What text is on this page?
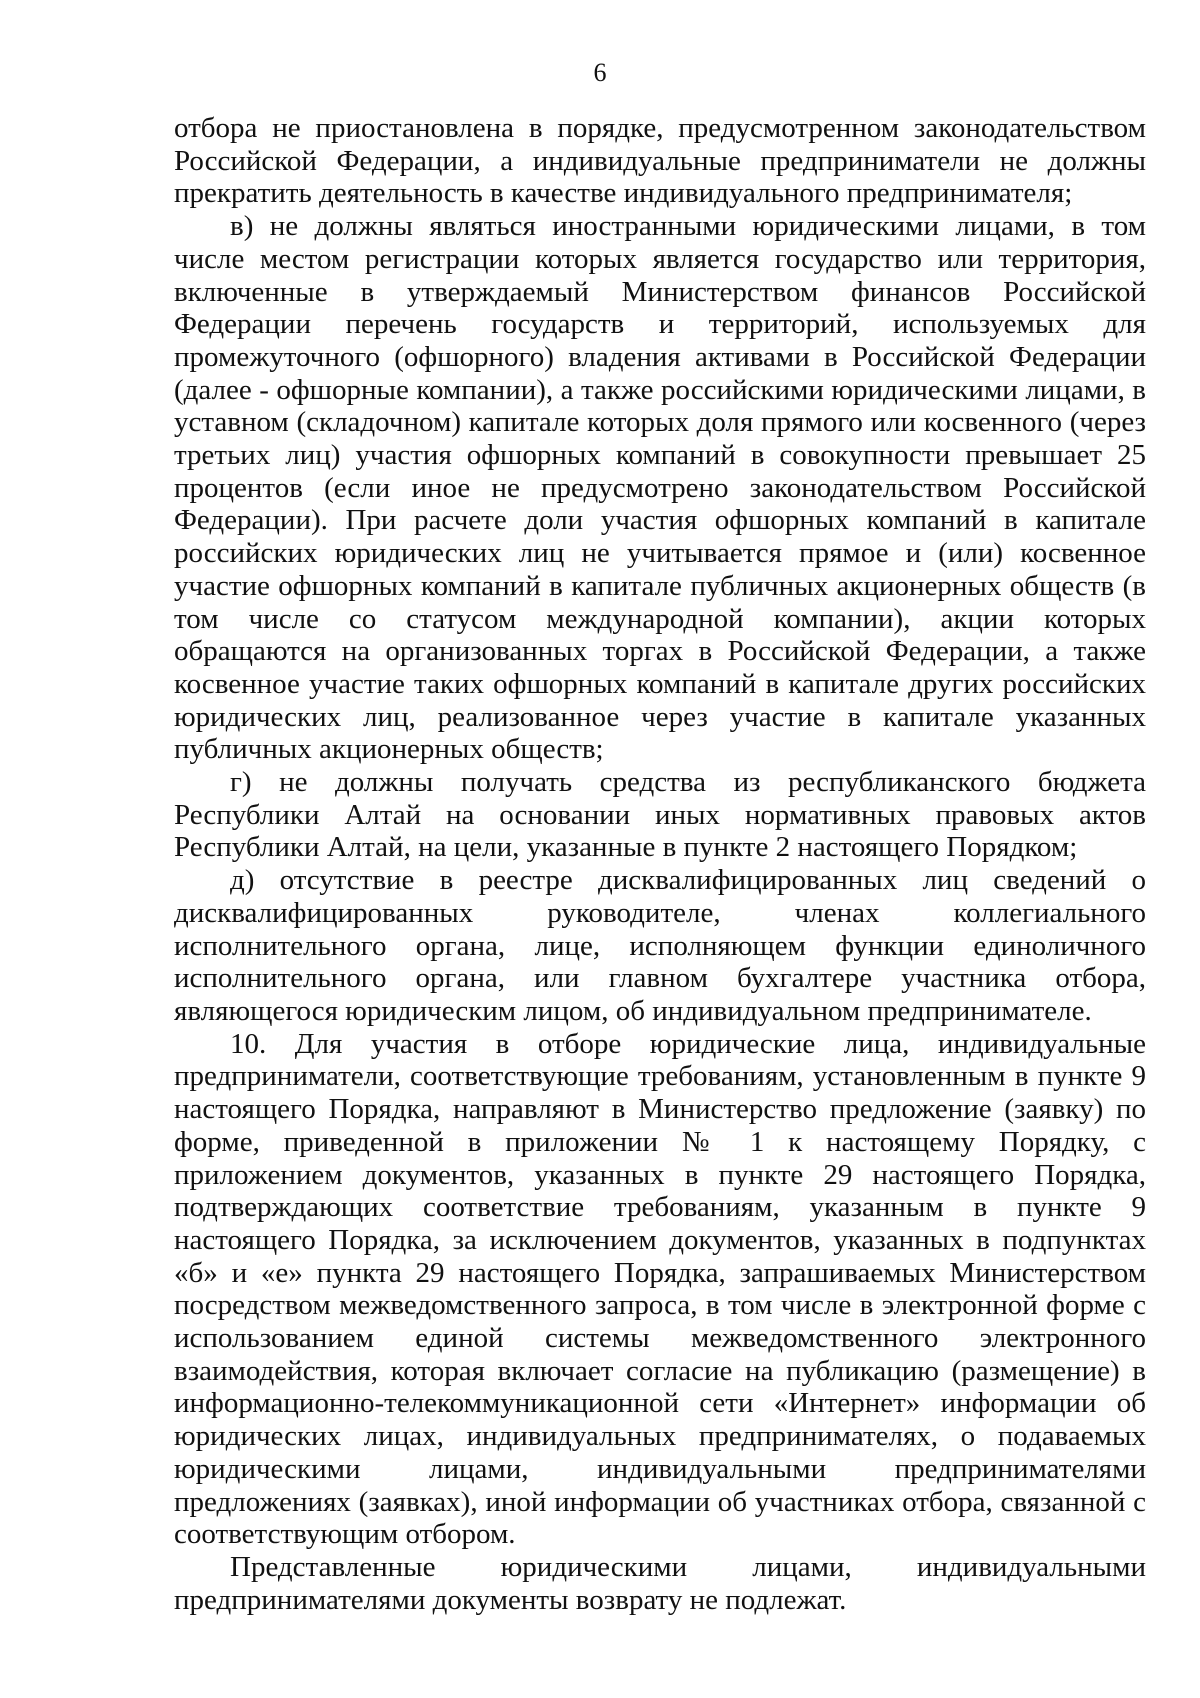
6

отбора не приостановлена в порядке, предусмотренном законодательством Российской Федерации, а индивидуальные предприниматели не должны прекратить деятельность в качестве индивидуального предпринимателя;

в) не должны являться иностранными юридическими лицами, в том числе местом регистрации которых является государство или территория, включенные в утверждаемый Министерством финансов Российской Федерации перечень государств и территорий, используемых для промежуточного (офшорного) владения активами в Российской Федерации (далее - офшорные компании), а также российскими юридическими лицами, в уставном (складочном) капитале которых доля прямого или косвенного (через третьих лиц) участия офшорных компаний в совокупности превышает 25 процентов (если иное не предусмотрено законодательством Российской Федерации). При расчете доли участия офшорных компаний в капитале российских юридических лиц не учитывается прямое и (или) косвенное участие офшорных компаний в капитале публичных акционерных обществ (в том числе со статусом международной компании), акции которых обращаются на организованных торгах в Российской Федерации, а также косвенное участие таких офшорных компаний в капитале других российских юридических лиц, реализованное через участие в капитале указанных публичных акционерных обществ;

г) не должны получать средства из республиканского бюджета Республики Алтай на основании иных нормативных правовых актов Республики Алтай, на цели, указанные в пункте 2 настоящего Порядком;

д) отсутствие в реестре дисквалифицированных лиц сведений о дисквалифицированных руководителе, членах коллегиального исполнительного органа, лице, исполняющем функции единоличного исполнительного органа, или главном бухгалтере участника отбора, являющегося юридическим лицом, об индивидуальном предпринимателе.

10. Для участия в отборе юридические лица, индивидуальные предприниматели, соответствующие требованиям, установленным в пункте 9 настоящего Порядка, направляют в Министерство предложение (заявку) по форме, приведенной в приложении № 1 к настоящему Порядку, с приложением документов, указанных в пункте 29 настоящего Порядка, подтверждающих соответствие требованиям, указанным в пункте 9 настоящего Порядка, за исключением документов, указанных в подпунктах «б» и «е» пункта 29 настоящего Порядка, запрашиваемых Министерством посредством межведомственного запроса, в том числе в электронной форме с использованием единой системы межведомственного электронного взаимодействия, которая включает согласие на публикацию (размещение) в информационно-телекоммуникационной сети «Интернет» информации об юридических лицах, индивидуальных предпринимателях, о подаваемых юридическими лицами, индивидуальными предпринимателями предложениях (заявках), иной информации об участниках отбора, связанной с соответствующим отбором.

Представленные юридическими лицами, индивидуальными предпринимателями документы возврату не подлежат.
